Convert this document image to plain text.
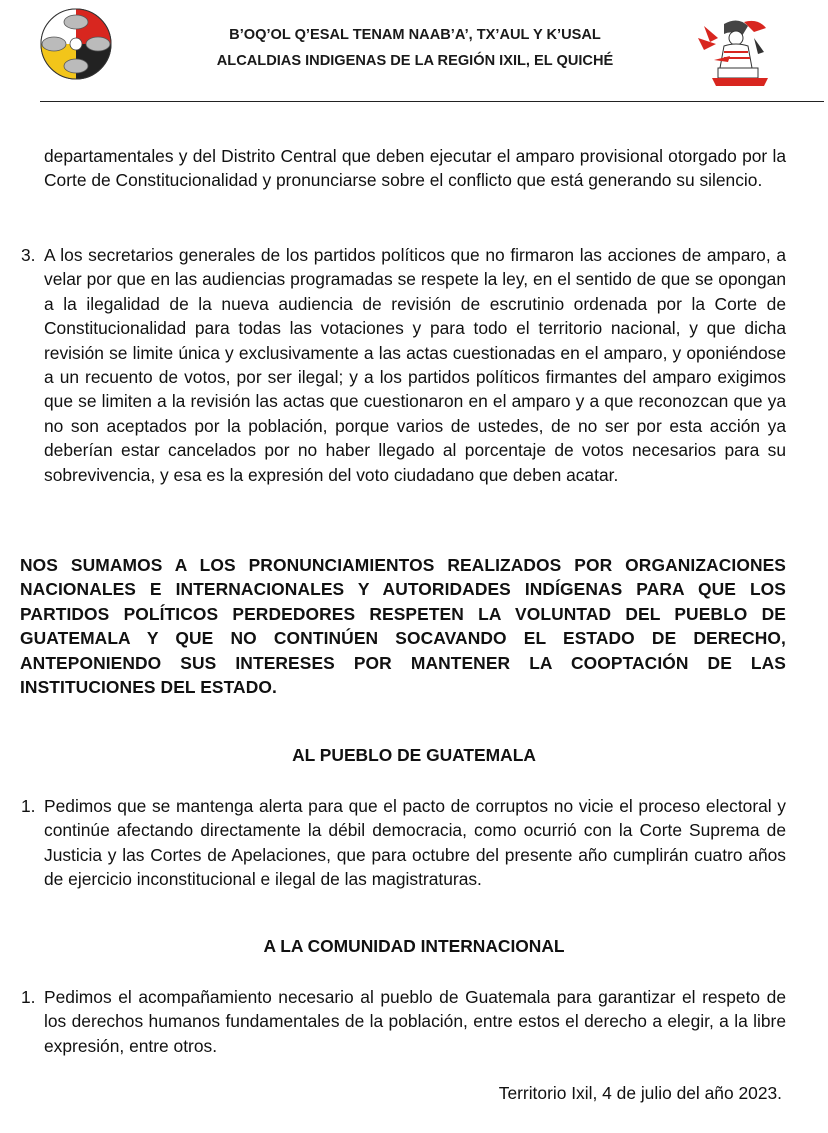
B’OQ’OL Q’ESAL TENAM NAAB’A’, TX’AUL Y K’USAL
ALCALDIAS INDIGENAS DE LA REGIÓN IXIL, EL QUICHÉ
departamentales y del Distrito Central que deben ejecutar el amparo provisional otorgado por la Corte de Constitucionalidad y pronunciarse sobre el conflicto que está generando su silencio.
3. A los secretarios generales de los partidos políticos que no firmaron las acciones de amparo, a velar por que en las audiencias programadas se respete la ley, en el sentido de que se opongan a la ilegalidad de la nueva audiencia de revisión de escrutinio ordenada por la Corte de Constitucionalidad para todas las votaciones y para todo el territorio nacional, y que dicha revisión se limite única y exclusivamente a las actas cuestionadas en el amparo, y oponiéndose a un recuento de votos, por ser ilegal; y a los partidos políticos firmantes del amparo exigimos que se limiten a la revisión las actas que cuestionaron en el amparo y a que reconozcan que ya no son aceptados por la población, porque varios de ustedes, de no ser por esta acción ya deberían estar cancelados por no haber llegado al porcentaje de votos necesarios para su sobrevivencia, y esa es la expresión del voto ciudadano que deben acatar.
NOS SUMAMOS A LOS PRONUNCIAMIENTOS REALIZADOS POR ORGANIZACIONES NACIONALES E INTERNACIONALES Y AUTORIDADES INDÍGENAS PARA QUE LOS PARTIDOS POLÍTICOS PERDEDORES RESPETEN LA VOLUNTAD DEL PUEBLO DE GUATEMALA Y QUE NO CONTINÚEN SOCAVANDO EL ESTADO DE DERECHO, ANTEPONIENDO SUS INTERESES POR MANTENER LA COOPTACIÓN DE LAS INSTITUCIONES DEL ESTADO.
AL PUEBLO DE GUATEMALA
1. Pedimos que se mantenga alerta para que el pacto de corruptos no vicie el proceso electoral y continúe afectando directamente la débil democracia, como ocurrió con la Corte Suprema de Justicia y las Cortes de Apelaciones, que para octubre del presente año cumplirán cuatro años de ejercicio inconstitucional e ilegal de las magistraturas.
A LA COMUNIDAD INTERNACIONAL
1. Pedimos el acompañamiento necesario al pueblo de Guatemala para garantizar el respeto de los derechos humanos fundamentales de la población, entre estos el derecho a elegir, a la libre expresión, entre otros.
Territorio Ixil, 4 de julio del año 2023.
